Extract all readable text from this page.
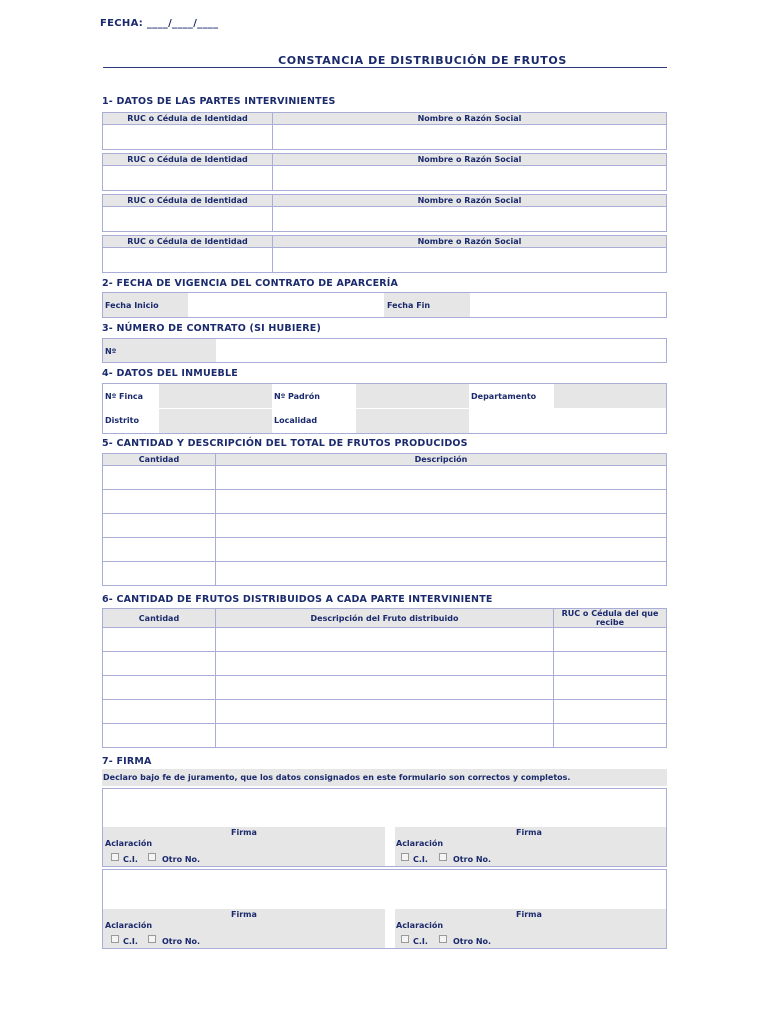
FECHA: ____/____/____
CONSTANCIA DE DISTRIBUCIÓN DE FRUTOS
1- DATOS DE LAS PARTES INTERVINIENTES
RUC o Cédula de Identidad	Nombre o Razón Social

RUC o Cédula de Identidad	Nombre o Razón Social

RUC o Cédula de Identidad	Nombre o Razón Social

RUC o Cédula de Identidad	Nombre o Razón Social

2- FECHA DE VIGENCIA DEL CONTRATO DE APARCERÍA
Fecha Inicio	Fecha Fin
3- NÚMERO DE CONTRATO (SI HUBIERE)
Nº
4- DATOS DEL INMUEBLE
Nº Finca	Nº Padrón	Departamento
Distrito	Localidad
5- CANTIDAD Y DESCRIPCIÓN DEL TOTAL DE FRUTOS PRODUCIDOS
Cantidad	Descripción

6- CANTIDAD DE FRUTOS DISTRIBUIDOS A CADA PARTE INTERVINIENTE
Cantidad	Descripción del Fruto distribuido	RUC o Cédula del que recibe

7- FIRMA
Declaro bajo fe de juramento, que los datos consignados en este formulario son correctos y completos.
Firma
Aclaración
C.I.	Otro No.
Firma
Aclaración
C.I.	Otro No.
Firma
Aclaración
C.I.	Otro No.
Firma
Aclaración
C.I.	Otro No.
